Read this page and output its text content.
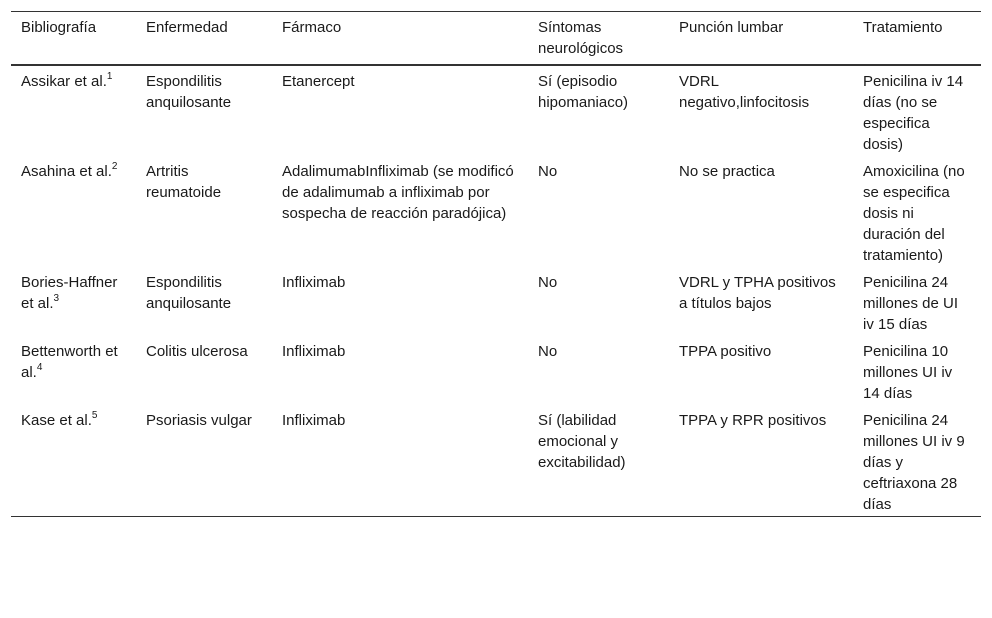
Bibliografía	Enfermedad	Fármaco	Síntomas neurológicos	Punción lumbar	Tratamiento
Assikar et al.$^1$	Espondilitis anquilosante	Etanercept	Sí (episodio hipomaniaco)	VDRL negativo,linfocitosis	Penicilina iv 14 días (no se especifica dosis)
Asahina et al.$^2$	Artritis reumatoide	AdalimumabInfliximab (se modificó de adalimumab a infliximab por sospecha de reacción paradójica)	No	No se practica	Amoxicilina (no se especifica dosis ni duración del tratamiento)
Bories-Haffner et al.$^3$	Espondilitis anquilosante	Infliximab	No	VDRL y TPHA positivos a títulos bajos	Penicilina 24 millones de UI iv 15 días
Bettenworth et al.$^4$	Colitis ulcerosa	Infliximab	No	TPPA positivo	Penicilina 10 millones UI iv 14 días
Kase et al.$^5$	Psoriasis vulgar	Infliximab	Sí (labilidad emocional y excitabilidad)	TPPA y RPR positivos	Penicilina 24 millones UI iv 9 días y ceftriaxona 28 días
